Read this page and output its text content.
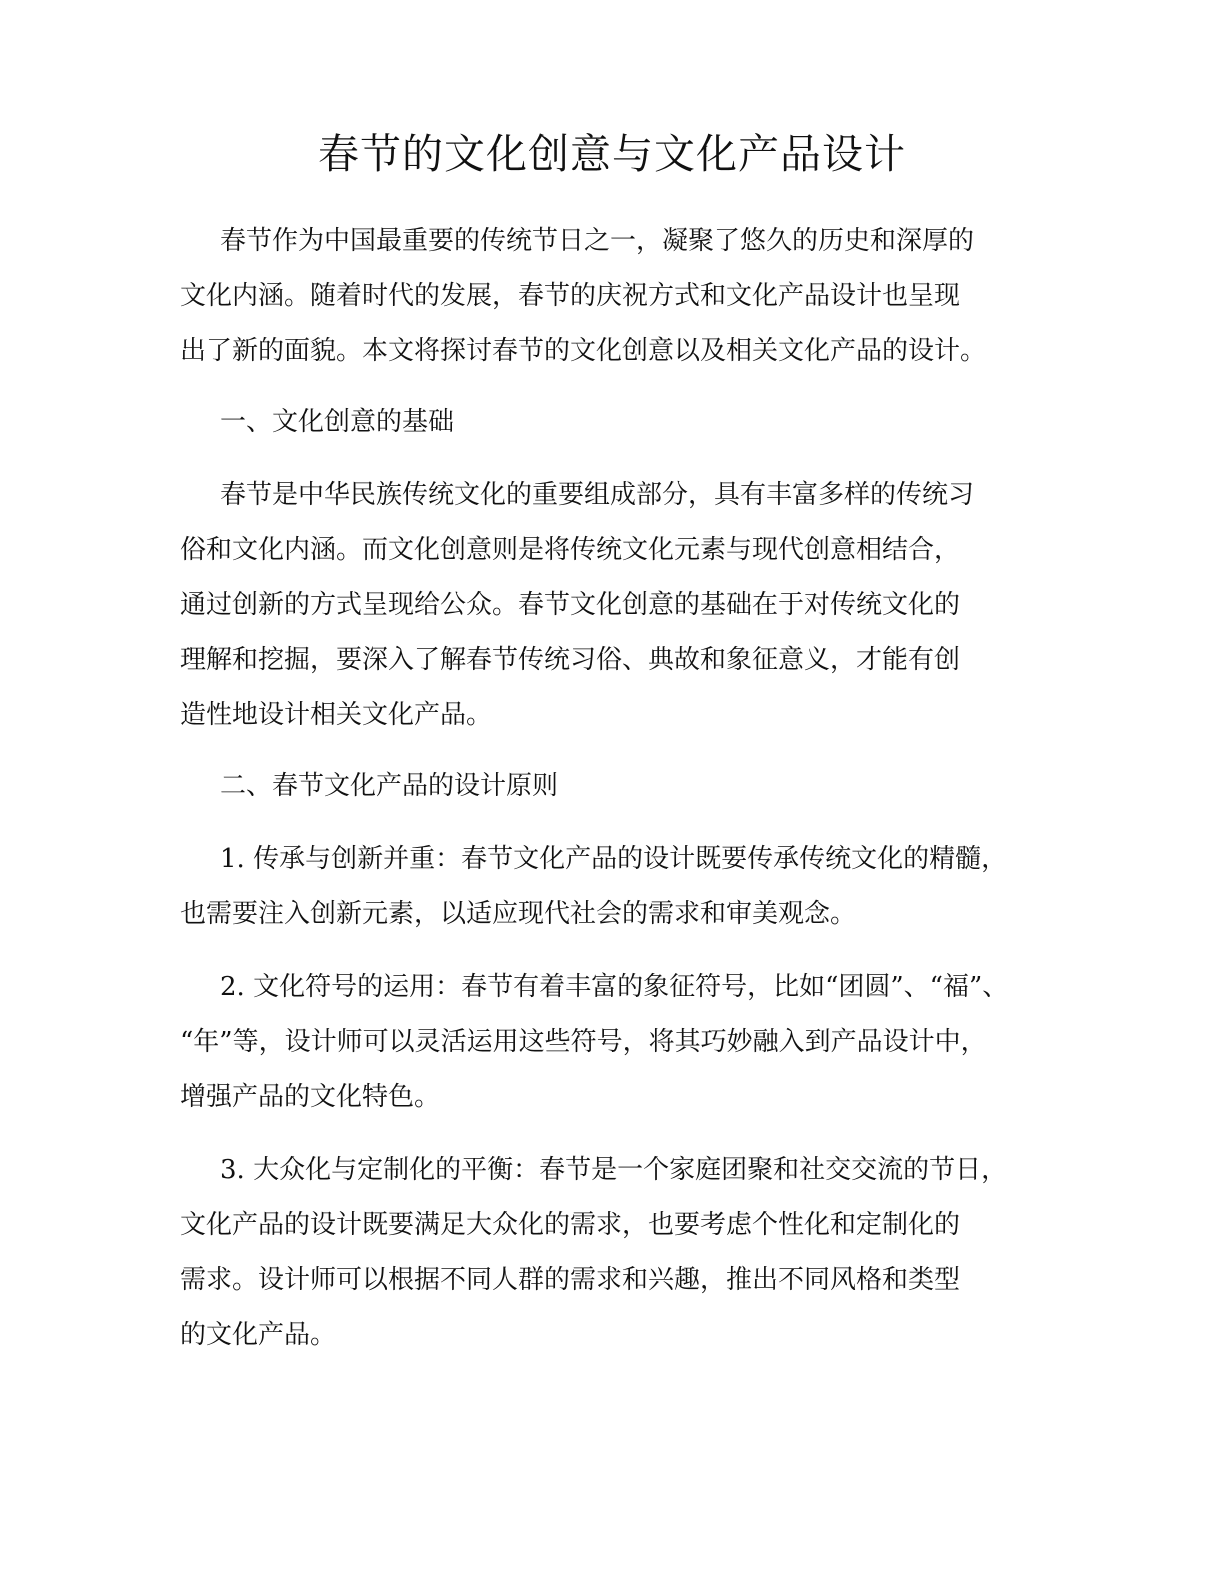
春节的文化创意与文化产品设计

春节作为中国最重要的传统节日之一，凝聚了悠久的历史和深厚的

文化内涵。随着时代的发展，春节的庆祝方式和文化产品设计也呈现

出了新的面貌。本文将探讨春节的文化创意以及相关文化产品的设计。

一、文化创意的基础

春节是中华民族传统文化的重要组成部分，具有丰富多样的传统习

俗和文化内涵。而文化创意则是将传统文化元素与现代创意相结合，

通过创新的方式呈现给公众。春节文化创意的基础在于对传统文化的

理解和挖掘，要深入了解春节传统习俗、典故和象征意义，才能有创

造性地设计相关文化产品。

二、春节文化产品的设计原则

1. 传承与创新并重：春节文化产品的设计既要传承传统文化的精髓，

也需要注入创新元素，以适应现代社会的需求和审美观念。

2. 文化符号的运用：春节有着丰富的象征符号，比如“团圆”、“福”、

“年”等，设计师可以灵活运用这些符号，将其巧妙融入到产品设计中，

增强产品的文化特色。

3. 大众化与定制化的平衡：春节是一个家庭团聚和社交交流的节日，

文化产品的设计既要满足大众化的需求，也要考虑个性化和定制化的

需求。设计师可以根据不同人群的需求和兴趣，推出不同风格和类型

的文化产品。
